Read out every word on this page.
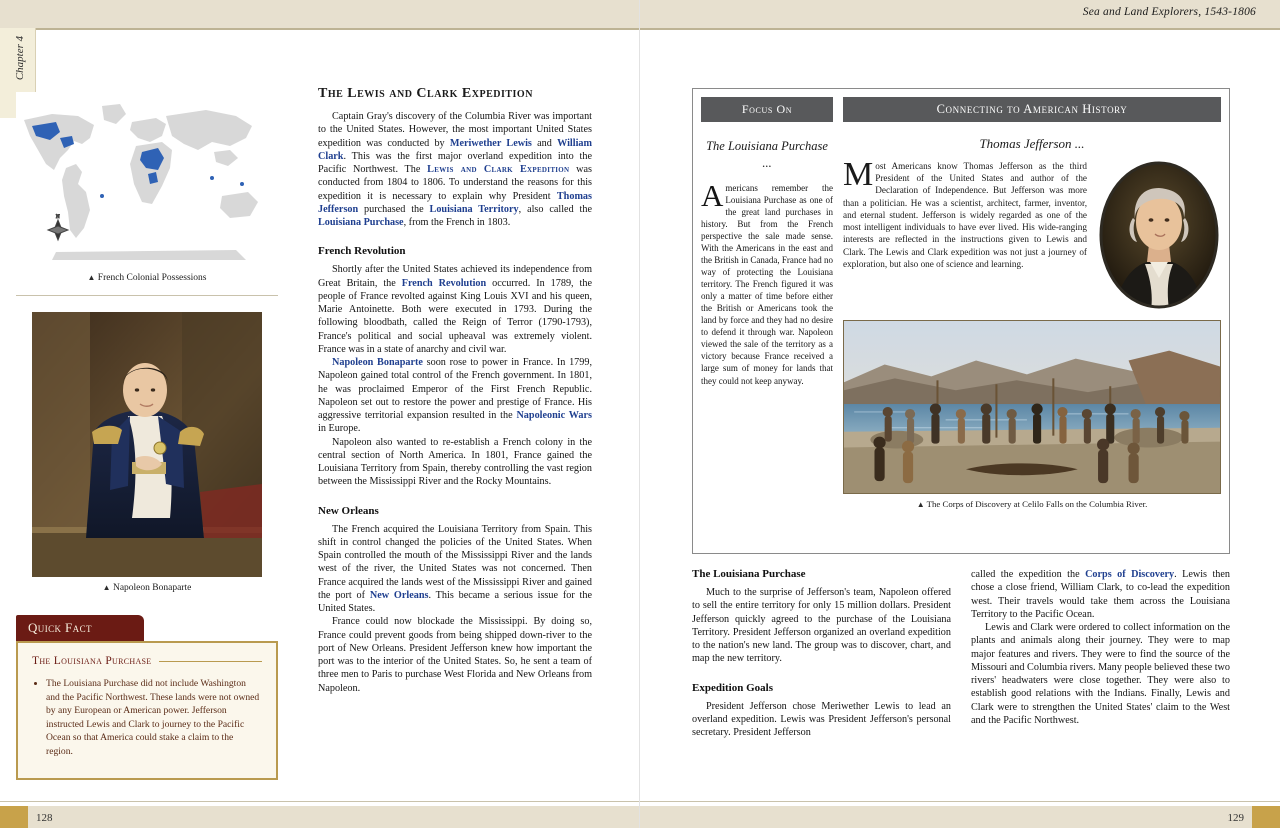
Chapter 4
N
▲ French Colonial Possessions
▲ Napoleon Bonaparte
Quick Fact
The Louisiana Purchase
• The Louisiana Purchase did not include Washington and the Pacific Northwest. These lands were not owned by any European or American power. Jefferson instructed Lewis and Clark to journey to the Pacific Ocean so that America could stake a claim to the region.
The Lewis and Clark Expedition

Captain Gray's discovery of the Columbia River was important to the United States. However, the most important United States expedition was conducted by Meriwether Lewis and William Clark. This was the first major overland expedition into the Pacific Northwest. The Lewis and Clark Expedition was conducted from 1804 to 1806. To understand the reasons for this expedition it is necessary to explain why President Thomas Jefferson purchased the Louisiana Territory, also called the Louisiana Purchase, from the French in 1803.

French Revolution

Shortly after the United States achieved its independence from Great Britain, the French Revolution occurred. In 1789, the people of France revolted against King Louis XVI and his queen, Marie Antoinette. Both were executed in 1793. During the following bloodbath, called the Reign of Terror (1790-1793), France's political and social upheaval was extremely violent. France was in a state of anarchy and civil war.

Napoleon Bonaparte soon rose to power in France. In 1799, Napoleon gained total control of the French government. In 1801, he was proclaimed Emperor of the First French Republic. Napoleon set out to restore the power and prestige of France. His aggressive territorial expansion resulted in the Napoleonic Wars in Europe.

Napoleon also wanted to re-establish a French colony in the central section of North America. In 1801, France gained the Louisiana Territory from Spain, thereby controlling the vast region between the Mississippi River and the Rocky Mountains.

New Orleans

The French acquired the Louisiana Territory from Spain. This shift in control changed the policies of the United States. When Spain controlled the mouth of the Mississippi River and the lands west of the river, the United States was not concerned. Then France acquired the lands west of the Mississippi River and gained the port of New Orleans. This became a serious issue for the United States.

France could now blockade the Mississippi. By doing so, France could prevent goods from being shipped down-river to the port of New Orleans. President Jefferson knew how important the port was to the interior of the United States. So, he sent a team of three men to Paris to purchase West Florida and New Orleans from Napoleon.

128
Sea and Land Explorers, 1543-1806
Focus On
The Louisiana Purchase ...
Americans remember the Louisiana Purchase as one of the great land purchases in history. But from the French perspective the sale made sense. With the Americans in the east and the British in Canada, France had no way of protecting the Louisiana territory. The French figured it was only a matter of time before either the British or Americans took the land by force and they had no desire to defend it through war. Napoleon viewed the sale of the territory as a victory because France received a large sum of money for lands that they could not keep anyway.
Connecting to American History
Thomas Jefferson ...
Most Americans know Thomas Jefferson as the third President of the United States and author of the Declaration of Independence. But Jefferson was more than a politician. He was a scientist, architect, farmer, inventor, and eternal student. Jefferson is widely regarded as one of the most intelligent individuals to have ever lived. His wide-ranging interests are reflected in the instructions given to Lewis and Clark. The Lewis and Clark expedition was not just a journey of exploration, but also one of science and learning.
▲ The Corps of Discovery at Celilo Falls on the Columbia River.
The Louisiana Purchase

Much to the surprise of Jefferson's team, Napoleon offered to sell the entire territory for only 15 million dollars. President Jefferson quickly agreed to the purchase of the Louisiana Territory. President Jefferson organized an overland expedition to the nation's new land. The group was to discover, chart, and map the new territory.

Expedition Goals

President Jefferson chose Meriwether Lewis to lead an overland expedition. Lewis was President Jefferson's personal secretary. President Jefferson

called the expedition the Corps of Discovery. Lewis then chose a close friend, William Clark, to co-lead the expedition west. Their travels would take them across the Louisiana Territory to the Pacific Ocean.

Lewis and Clark were ordered to collect information on the plants and animals along their journey. They were to map major features and rivers. They were to find the source of the Missouri and Columbia rivers. Many people believed these two rivers' headwaters were close together. They were also to establish good relations with the Indians. Finally, Lewis and Clark were to strengthen the United States' claim to the West and the Pacific Northwest.

129
